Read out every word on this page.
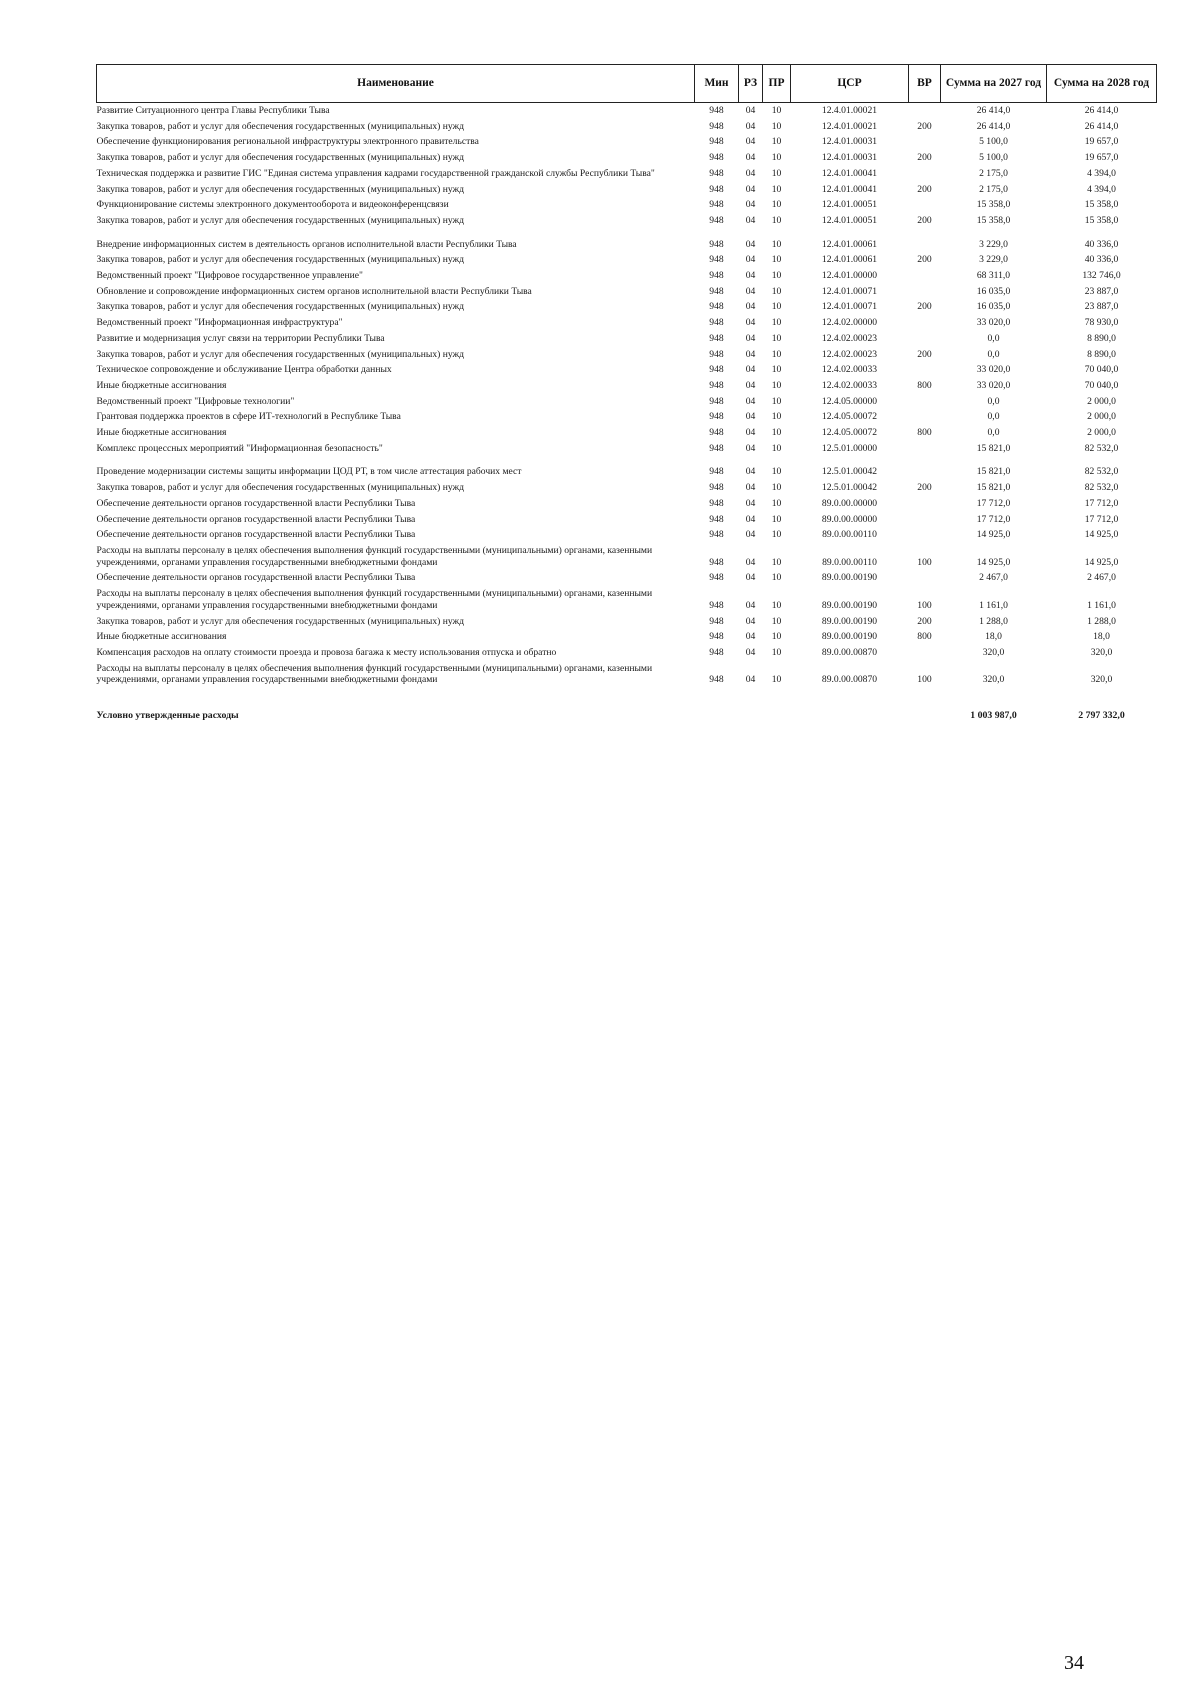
Наименование	Мин	РЗ	ПР	ЦСР	ВР	Сумма на 2027 год	Сумма на 2028 год
Развитие Ситуационного центра Главы Республики Тыва	948	04	10	12.4.01.00021		26 414,0	26 414,0
Закупка товаров, работ и услуг для обеспечения государственных (муниципальных) нужд	948	04	10	12.4.01.00021	200	26 414,0	26 414,0
Обеспечение функционирования региональной инфраструктуры электронного правительства	948	04	10	12.4.01.00031		5 100,0	19 657,0
Закупка товаров, работ и услуг для обеспечения государственных (муниципальных) нужд	948	04	10	12.4.01.00031	200	5 100,0	19 657,0
Техническая поддержка и развитие ГИС "Единая система управления кадрами государственной гражданской службы Республики Тыва"	948	04	10	12.4.01.00041		2 175,0	4 394,0
Закупка товаров, работ и услуг для обеспечения государственных (муниципальных) нужд	948	04	10	12.4.01.00041	200	2 175,0	4 394,0
Функционирование системы электронного документооборота и видеоконференцсвязи	948	04	10	12.4.01.00051		15 358,0	15 358,0
Закупка товаров, работ и услуг для обеспечения государственных (муниципальных) нужд	948	04	10	12.4.01.00051	200	15 358,0	15 358,0
Внедрение информационных систем в деятельность органов исполнительной власти Республики Тыва	948	04	10	12.4.01.00061		3 229,0	40 336,0
Закупка товаров, работ и услуг для обеспечения государственных (муниципальных) нужд	948	04	10	12.4.01.00061	200	3 229,0	40 336,0
Ведомственный проект "Цифровое государственное управление"	948	04	10	12.4.01.00000		68 311,0	132 746,0
Обновление и сопровождение информационных систем органов исполнительной власти Республики Тыва	948	04	10	12.4.01.00071		16 035,0	23 887,0
Закупка товаров, работ и услуг для обеспечения государственных (муниципальных) нужд	948	04	10	12.4.01.00071	200	16 035,0	23 887,0
Ведомственный проект "Информационная инфраструктура"	948	04	10	12.4.02.00000		33 020,0	78 930,0
Развитие и модернизация услуг связи на территории Республики Тыва	948	04	10	12.4.02.00023		0,0	8 890,0
Закупка товаров, работ и услуг для обеспечения государственных (муниципальных) нужд	948	04	10	12.4.02.00023	200	0,0	8 890,0
Техническое сопровождение и обслуживание Центра обработки данных	948	04	10	12.4.02.00033		33 020,0	70 040,0
Иные бюджетные ассигнования	948	04	10	12.4.02.00033	800	33 020,0	70 040,0
Ведомственный проект "Цифровые технологии"	948	04	10	12.4.05.00000		0,0	2 000,0
Грантовая поддержка проектов в сфере ИТ-технологий в Республике Тыва	948	04	10	12.4.05.00072		0,0	2 000,0
Иные бюджетные ассигнования	948	04	10	12.4.05.00072	800	0,0	2 000,0
Комплекс процессных мероприятий "Информационная безопасность"	948	04	10	12.5.01.00000		15 821,0	82 532,0
Проведение модернизации системы защиты информации ЦОД РТ, в том числе аттестация рабочих мест	948	04	10	12.5.01.00042		15 821,0	82 532,0
Закупка товаров, работ и услуг для обеспечения государственных (муниципальных) нужд	948	04	10	12.5.01.00042	200	15 821,0	82 532,0
Обеспечение деятельности органов государственной власти Республики Тыва	948	04	10	89.0.00.00000		17 712,0	17 712,0
Обеспечение деятельности органов государственной власти Республики Тыва	948	04	10	89.0.00.00000		17 712,0	17 712,0
Обеспечение деятельности органов государственной власти Республики Тыва	948	04	10	89.0.00.00110		14 925,0	14 925,0
Расходы на выплаты персоналу в целях обеспечения выполнения функций государственными (муниципальными) органами, казенными учреждениями, органами управления государственными внебюджетными фондами	948	04	10	89.0.00.00110	100	14 925,0	14 925,0
Обеспечение деятельности органов государственной власти Республики Тыва	948	04	10	89.0.00.00190		2 467,0	2 467,0
Расходы на выплаты персоналу в целях обеспечения выполнения функций государственными (муниципальными) органами, казенными учреждениями, органами управления государственными внебюджетными фондами	948	04	10	89.0.00.00190	100	1 161,0	1 161,0
Закупка товаров, работ и услуг для обеспечения государственных (муниципальных) нужд	948	04	10	89.0.00.00190	200	1 288,0	1 288,0
Иные бюджетные ассигнования	948	04	10	89.0.00.00190	800	18,0	18,0
Компенсация расходов на оплату стоимости проезда и провоза багажа к месту использования отпуска и обратно	948	04	10	89.0.00.00870		320,0	320,0
Расходы на выплаты персоналу в целях обеспечения выполнения функций государственными (муниципальными) органами, казенными учреждениями, органами управления государственными внебюджетными фондами	948	04	10	89.0.00.00870	100	320,0	320,0
Условно утвержденные расходы						1 003 987,0	2 797 332,0
34
